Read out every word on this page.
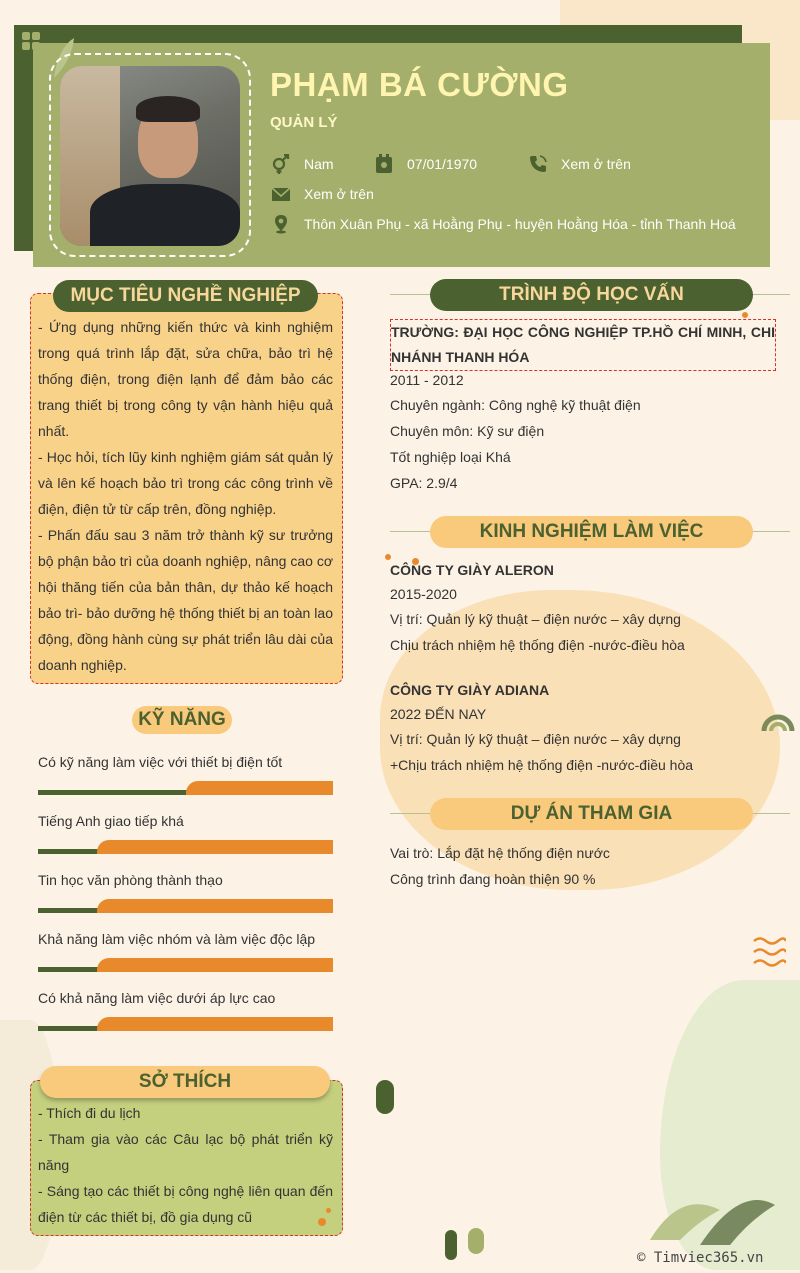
PHẠM BÁ CƯỜNG
QUẢN LÝ
Nam	07/01/1970	Xem ở trên
Xem ở trên
Thôn Xuân Phụ - xã Hoằng Phụ - huyện Hoằng Hóa - tỉnh Thanh Hoá
MỤC TIÊU NGHỀ NGHIỆP
- Ứng dụng những kiến thức và kinh nghiệm trong quá trình lắp đặt, sửa chữa, bảo trì hệ thống điện, trong điện lạnh để đảm bảo các trang thiết bị trong công ty vận hành hiệu quả nhất.
- Học hỏi, tích lũy kinh nghiệm giám sát quản lý và lên kế hoạch bảo trì trong các công trình về điện, điện tử từ cấp trên, đồng nghiệp.
- Phấn đấu sau 3 năm trở thành kỹ sư trưởng bộ phận bảo trì của doanh nghiệp, nâng cao cơ hội thăng tiến của bản thân, dự thảo kế hoạch bảo trì- bảo dưỡng hệ thống thiết bị an toàn lao động, đồng hành cùng sự phát triển lâu dài của doanh nghiệp.
KỸ NĂNG
Có kỹ năng làm việc với thiết bị điện tốt
Tiếng Anh giao tiếp khá
Tin học văn phòng thành thạo
Khả năng làm việc nhóm và làm việc độc lập
Có khả năng làm việc dưới áp lực cao
SỞ THÍCH
- Thích đi du lịch
- Tham gia vào các Câu lạc bộ phát triển kỹ năng
- Sáng tạo các thiết bị công nghệ liên quan đến điện từ các thiết bị, đồ gia dụng cũ
TRÌNH ĐỘ HỌC VẤN
TRƯỜNG: ĐẠI HỌC CÔNG NGHIỆP TP.HỒ CHÍ MINH, CHI NHÁNH THANH HÓA
2011 - 2012
Chuyên ngành: Công nghệ kỹ thuật điện
Chuyên môn: Kỹ sư điện
Tốt nghiệp loại Khá
GPA: 2.9/4
KINH NGHIỆM LÀM VIỆC
CÔNG TY GIÀY ALERON
2015-2020
Vị trí: Quản lý kỹ thuật – điện nước – xây dựng
Chịu trách nhiệm hệ thống điện -nước-điều hòa
CÔNG TY GIÀY ADIANA
2022 ĐẾN NAY
Vị trí: Quản lý kỹ thuật – điện nước – xây dựng
+Chịu trách nhiệm hệ thống điện -nước-điều hòa
DỰ ÁN THAM GIA
Vai trò: Lắp đặt hệ thống điện nước
Công trình đang hoàn thiện 90 %
© Timviec365.vn
